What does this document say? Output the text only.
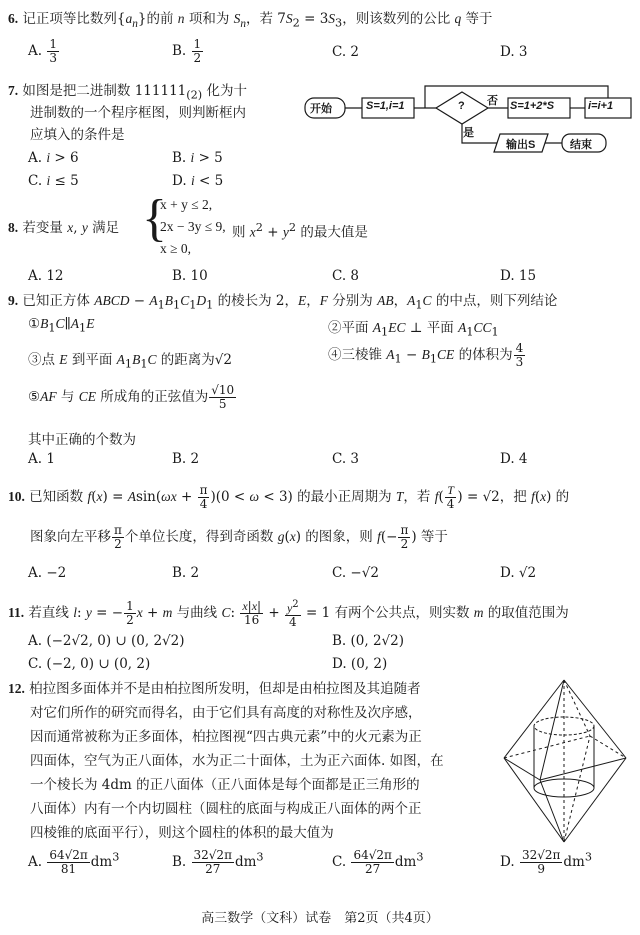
6. 记正项等比数列$\{a_n\}$的前 n 项和为 $S_n$，若 $7S_2 = 3S_3$，则该数列的公比 q 等于
A. $\frac{1}{3}$	B. $\frac{1}{2}$	C. 2	D. 3
7. 如图是把二进制数 $111111_{(2)}$ 化为十
进制数的一个程序框图，则判断框内
应填入的条件是
A. i > 6	B. i > 5
C. i ≤ 5	D. i < 5
开始	S=1,i=1	? 否 S=1+2*S	i=i+1
是
输出S	结束
8. 若变量 x, y 满足 {
x + y ≤ 2,
2x − 3y ≤ 9,
x ≥ 0,
则 $x^2 + y^2$ 的最大值是
A. 12	B. 10	C. 8	D. 15
9. 已知正方体 ABCD − $A_1B_1C_1D_1$ 的棱长为 2，E，F 分别为 AB，$A_1C$ 的中点，则下列结论
$①B_1C\parallel A_1E$	②平面 $A_1EC$ ⊥ 平面 $A_1CC_1$
③点 E 到平面 $A_1B_1C$ 的距离为√2	④三棱锥 $A_1 - B_1CE$ 的体积为 $\frac{4}{3}$
⑤AF 与 CE 所成角的正弦值为 $\frac{√10}{5}$
其中正确的个数为
A. 1	B. 2	C. 3	D. 4
10. 已知函数 $f(x) = Asin(\omega x + \frac{\pi}{4} )(0 < \omega < 3)$ 的最小正周期为 T，若 $f( \frac{T}{4}$ ) = √2，把 f(x) 的
图象向左平移 $\frac{\pi}{2}$ 个单位长度，得到奇函数 g(x) 的图象，则 $f(- \frac{\pi}{2}$ ) 等于
A. −2	B. 2	C. −√2	D. √2
11. 若直线 l: y = − $\frac{1}{2}$ x + m 与曲线 C: $\frac{x|x|}{16} + \frac{y^2}{4} = 1$ 有两个公共点，则实数 m 的取值范围为
A. (−2√2, 0) ∪ (0, 2√2)	B. (0, 2√2)
C. (−2, 0) ∪ (0, 2)	D. (0, 2)
12. 柏拉图多面体并不是由柏拉图所发明，但却是由柏拉图及其追随者
对它们所作的研究而得名，由于它们具有高度的对称性及次序感，
因而通常被称为正多面体，柏拉图视“四古典元素”中的火元素为正
四面体，空气为正八面体，水为正二十面体，土为正六面体. 如图，在
一个棱长为 4dm 的正八面体（正八面体是每个面都是正三角形的
八面体）内有一个内切圆柱（圆柱的底面与构成正八面体的两个正
四棱锥的底面平行），则这个圆柱的体积的最大值为
A. $\frac{64√2\pi}{81} dm^3$	B. $\frac{32√2\pi}{27} dm^3$	C. $\frac{64√2\pi}{27} dm^3$	D. $\frac{32√2\pi}{9} dm^3$
高三数学（文科）试卷　第2页（共4页）
